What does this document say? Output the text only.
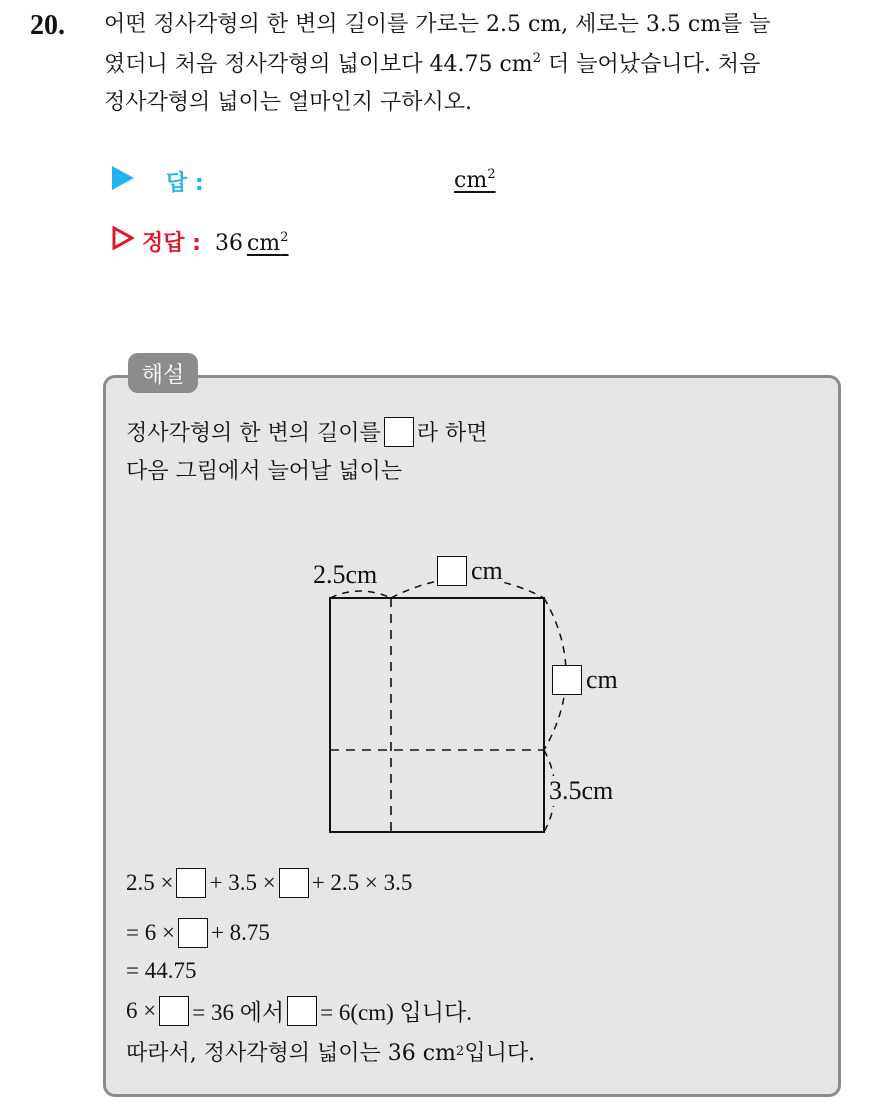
20. 어떤 정사각형의 한 변의 길이를 가로는 2.5 cm, 세로는 3.5 cm를 늘
였더니 처음 정사각형의 넓이보다 44.75 $cm^2$ 더 늘어났습니다. 처음
정사각형의 넓이는 얼마인지 구하시오.
답 :	$cm^2$
정답 : 36 $cm^2$
해설
정사각형의 한 변의 길이를 라 하면
다음 그림에서 늘어날 넓이는
2.5cm	cm
cm
3.5cm
2.5 × + 3.5 × + 2.5 × 3.5
= 6 × + 8.75
= 44.75
6 × = 36 에서 = 6(cm) 입니다.
따라서, 정사각형의 넓이는 36 cm 2 입니다.
